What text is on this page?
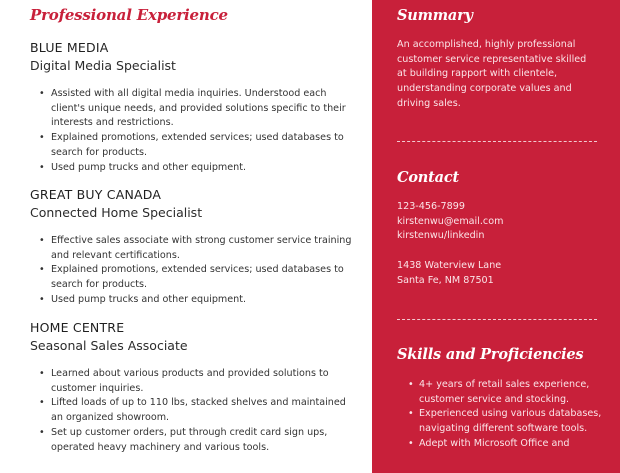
Professional Experience
BLUE MEDIA
Digital Media Specialist
• Assisted with all digital media inquiries. Understood each client's unique needs, and provided solutions specific to their interests and restrictions.
• Explained promotions, extended services; used databases to search for products.
• Used pump trucks and other equipment.
GREAT BUY CANADA
Connected Home Specialist
• Effective sales associate with strong customer service training and relevant certifications.
• Explained promotions, extended services; used databases to search for products.
• Used pump trucks and other equipment.
HOME CENTRE
Seasonal Sales Associate
• Learned about various products and provided solutions to customer inquiries.
• Lifted loads of up to 110 lbs, stacked shelves and maintained an organized showroom.
• Set up customer orders, put through credit card sign ups, operated heavy machinery and various tools.
Summary
An accomplished, highly professional customer service representative skilled at building rapport with clientele, understanding corporate values and driving sales.
Contact
123-456-7899
kirstenwu@email.com
kirstenwu/linkedin
1438 Waterview Lane
Santa Fe, NM 87501
Skills and Proficiencies
• 4+ years of retail sales experience, customer service and stocking.
• Experienced using various databases, navigating different software tools.
• Adept with Microsoft Office and
